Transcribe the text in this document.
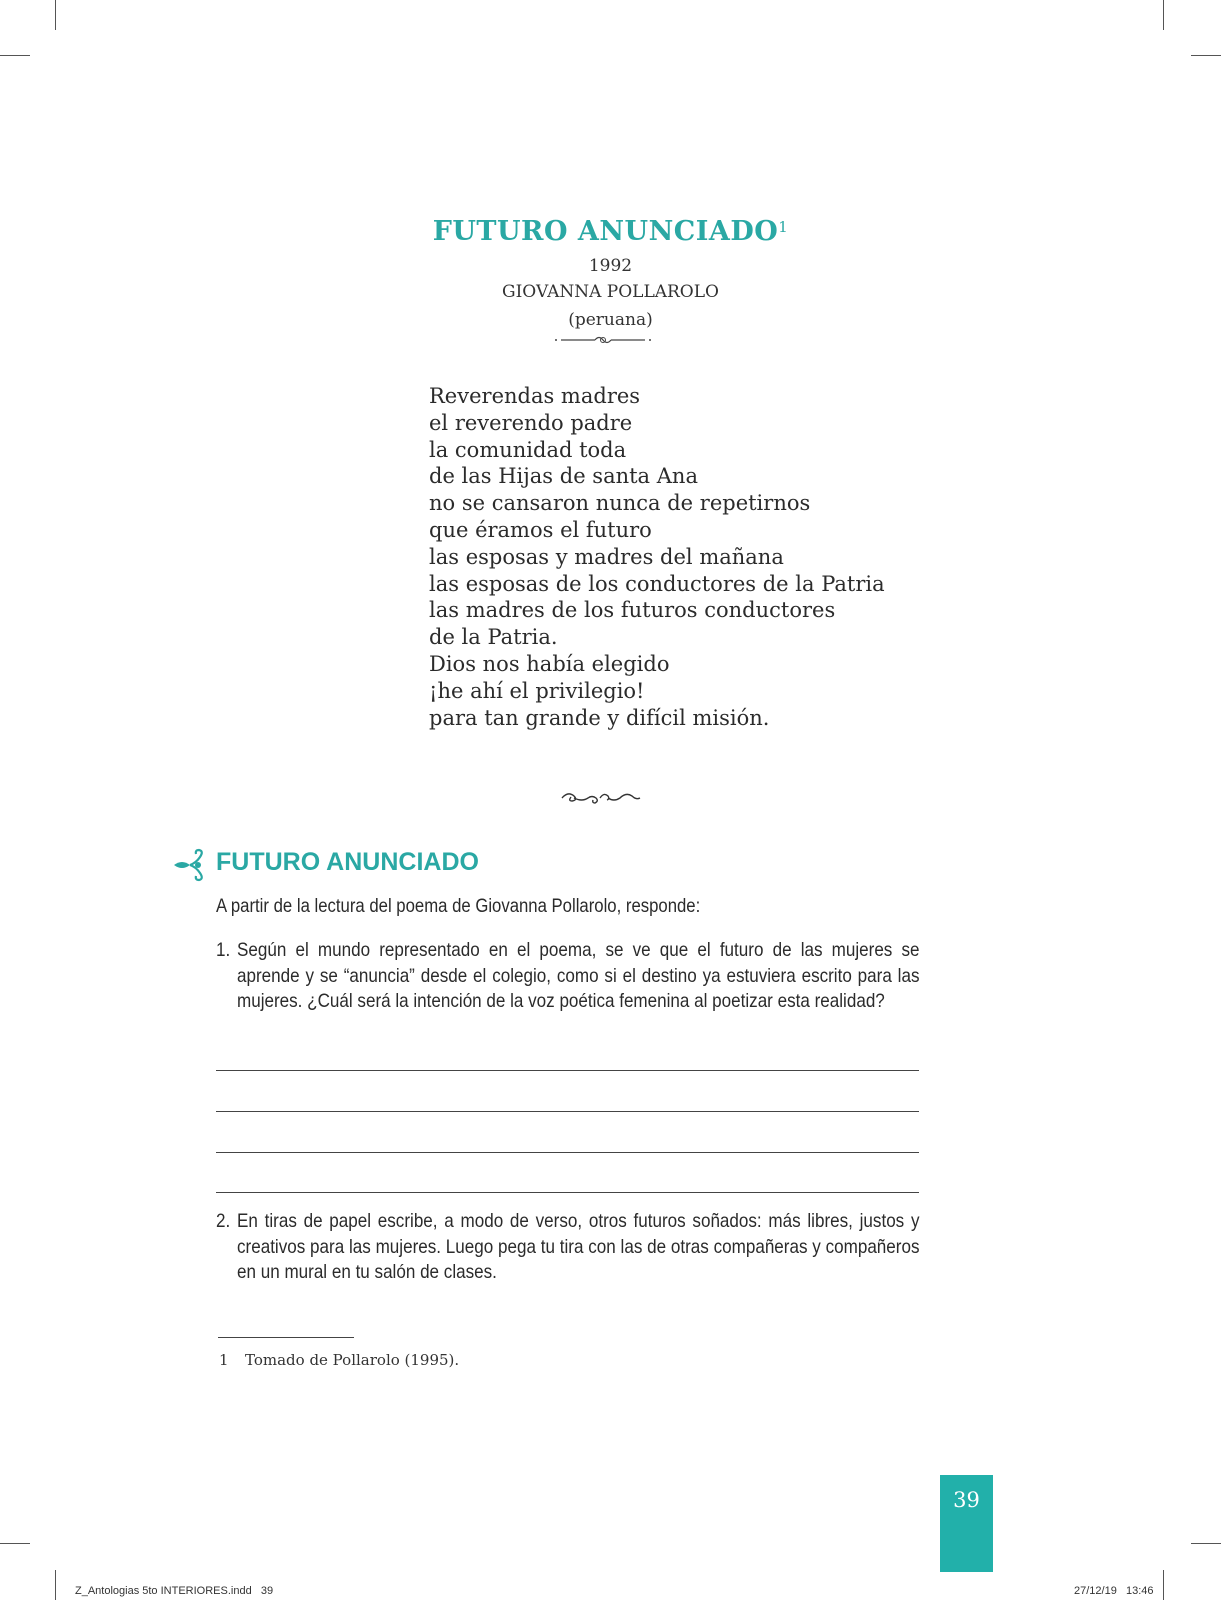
FUTURO ANUNCIADO$^1$
1992
GIOVANNA POLLAROLO
(peruana)
Reverendas madres
el reverendo padre
la comunidad toda
de las Hijas de santa Ana
no se cansaron nunca de repetirnos
que éramos el futuro
las esposas y madres del mañana
las esposas de los conductores de la Patria
las madres de los futuros conductores
de la Patria.
Dios nos había elegido
¡he ahí el privilegio!
para tan grande y difícil misión.
FUTURO ANUNCIADO
A partir de la lectura del poema de Giovanna Pollarolo, responde:
1. Según el mundo representado en el poema, se ve que el futuro de las mujeres se aprende y se “anuncia” desde el colegio, como si el destino ya estuviera escrito para las mujeres. ¿Cuál será la intención de la voz poética femenina al poetizar esta realidad?
2. En tiras de papel escribe, a modo de verso, otros futuros soñados: más libres, justos y creativos para las mujeres. Luego pega tu tira con las de otras compañeras y compañeros en un mural en tu salón de clases.
1 Tomado de Pollarolo (1995).
39
Z_Antologias 5to INTERIORES.indd   39	27/12/19   13:46
